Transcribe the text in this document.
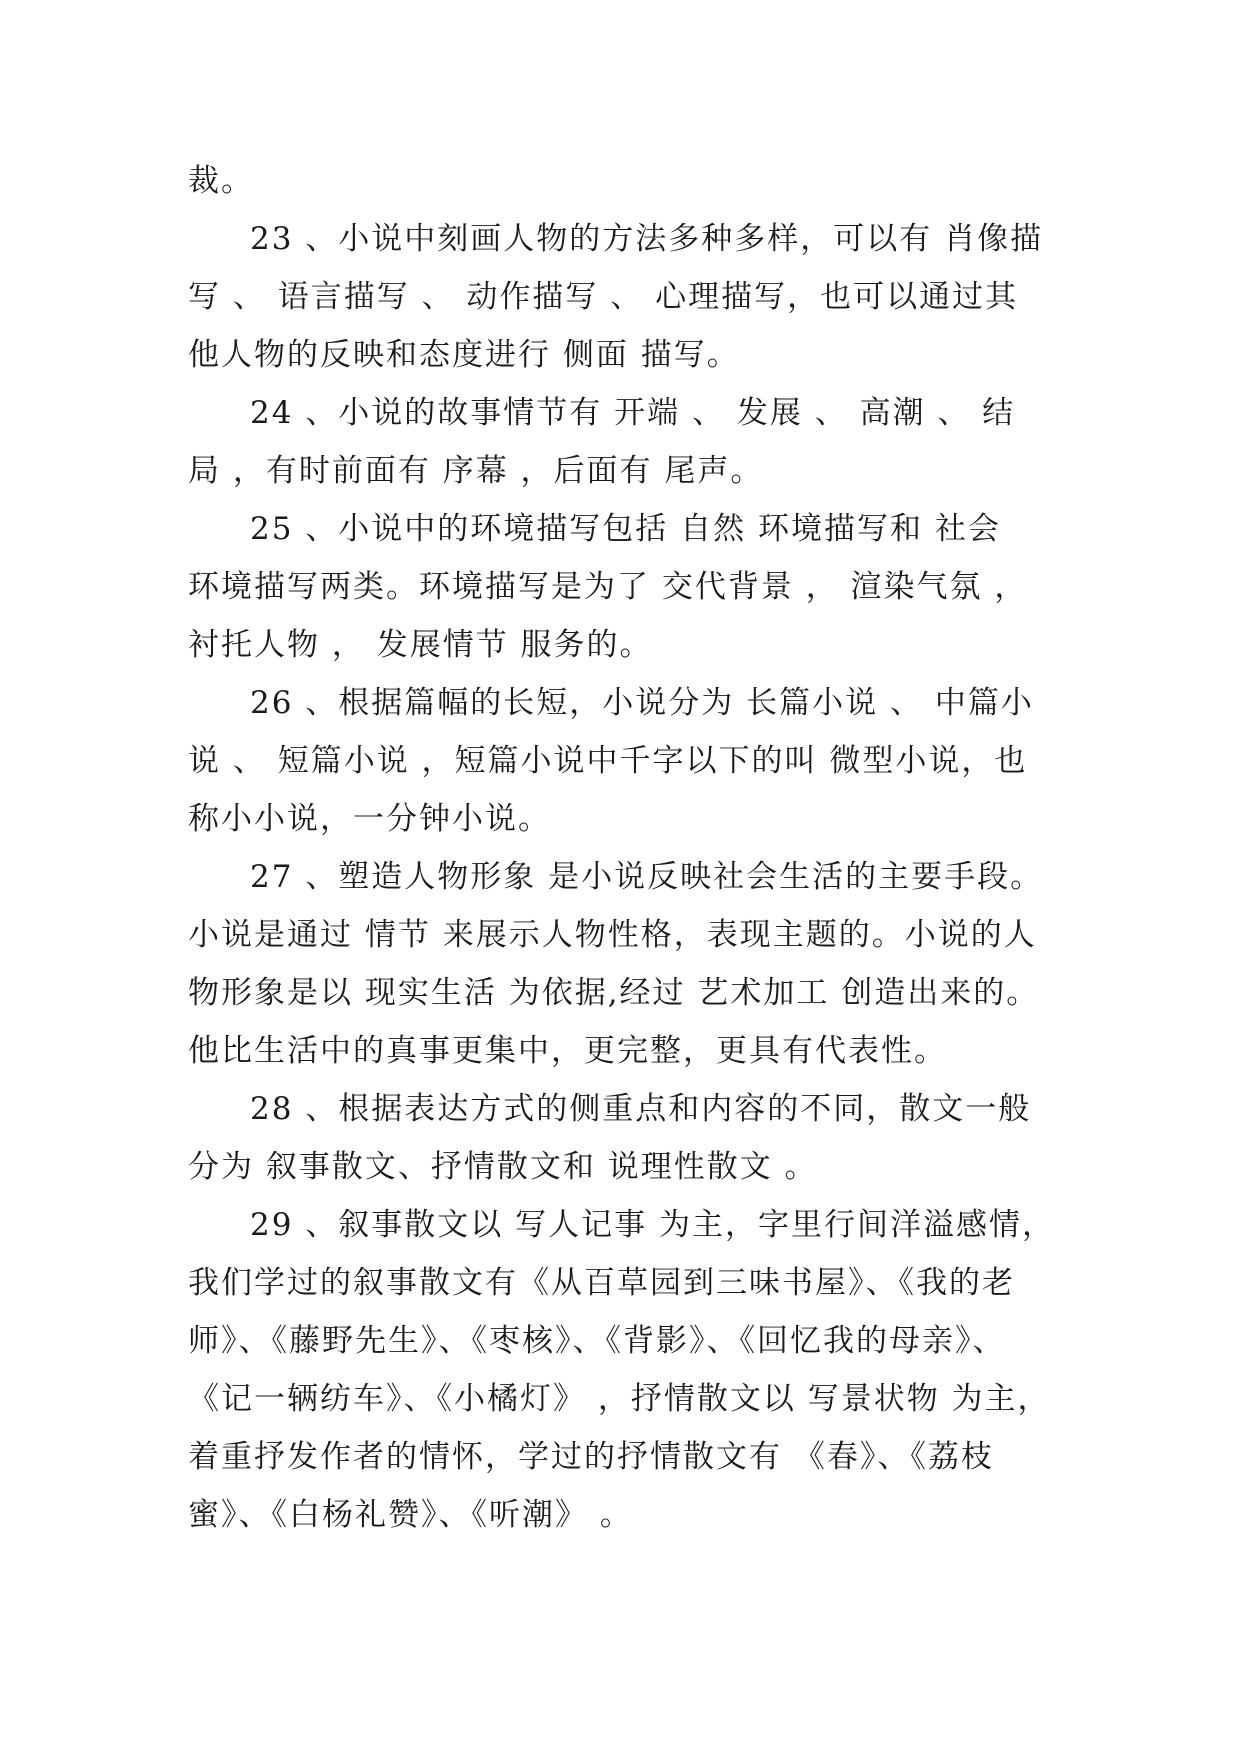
裁。
23 、小说中刻画人物的方法多种多样，可以有 肖像描
写 、 语言描写 、 动作描写 、 心理描写，也可以通过其
他人物的反映和态度进行 侧面 描写。
24 、小说的故事情节有 开端 、 发展 、 高潮 、 结
局 ，有时前面有 序幕 ，后面有 尾声。
25 、小说中的环境描写包括 自然 环境描写和 社会
环境描写两类。环境描写是为了 交代背景 ， 渲染气氛 ，
衬托人物 ， 发展情节 服务的。
26 、根据篇幅的长短，小说分为 长篇小说 、 中篇小
说 、 短篇小说 ，短篇小说中千字以下的叫 微型小说，也
称小小说，一分钟小说。
27 、塑造人物形象 是小说反映社会生活的主要手段。
小说是通过 情节 来展示人物性格，表现主题的。小说的人
物形象是以 现实生活 为依据,经过 艺术加工 创造出来的。
他比生活中的真事更集中，更完整，更具有代表性。
28 、根据表达方式的侧重点和内容的不同，散文一般
分为 叙事散文、抒情散文和 说理性散文 。
29 、叙事散文以 写人记事 为主，字里行间洋溢感情，
我们学过的叙事散文有《从百草园到三味书屋》、《我的老
师》、《藤野先生》、《枣核》、《背影》、《回忆我的母亲》、
《记一辆纺车》、《小橘灯》 ，抒情散文以 写景状物 为主，
着重抒发作者的情怀，学过的抒情散文有 《春》、《荔枝
蜜》、《白杨礼赞》、《听潮》 。
